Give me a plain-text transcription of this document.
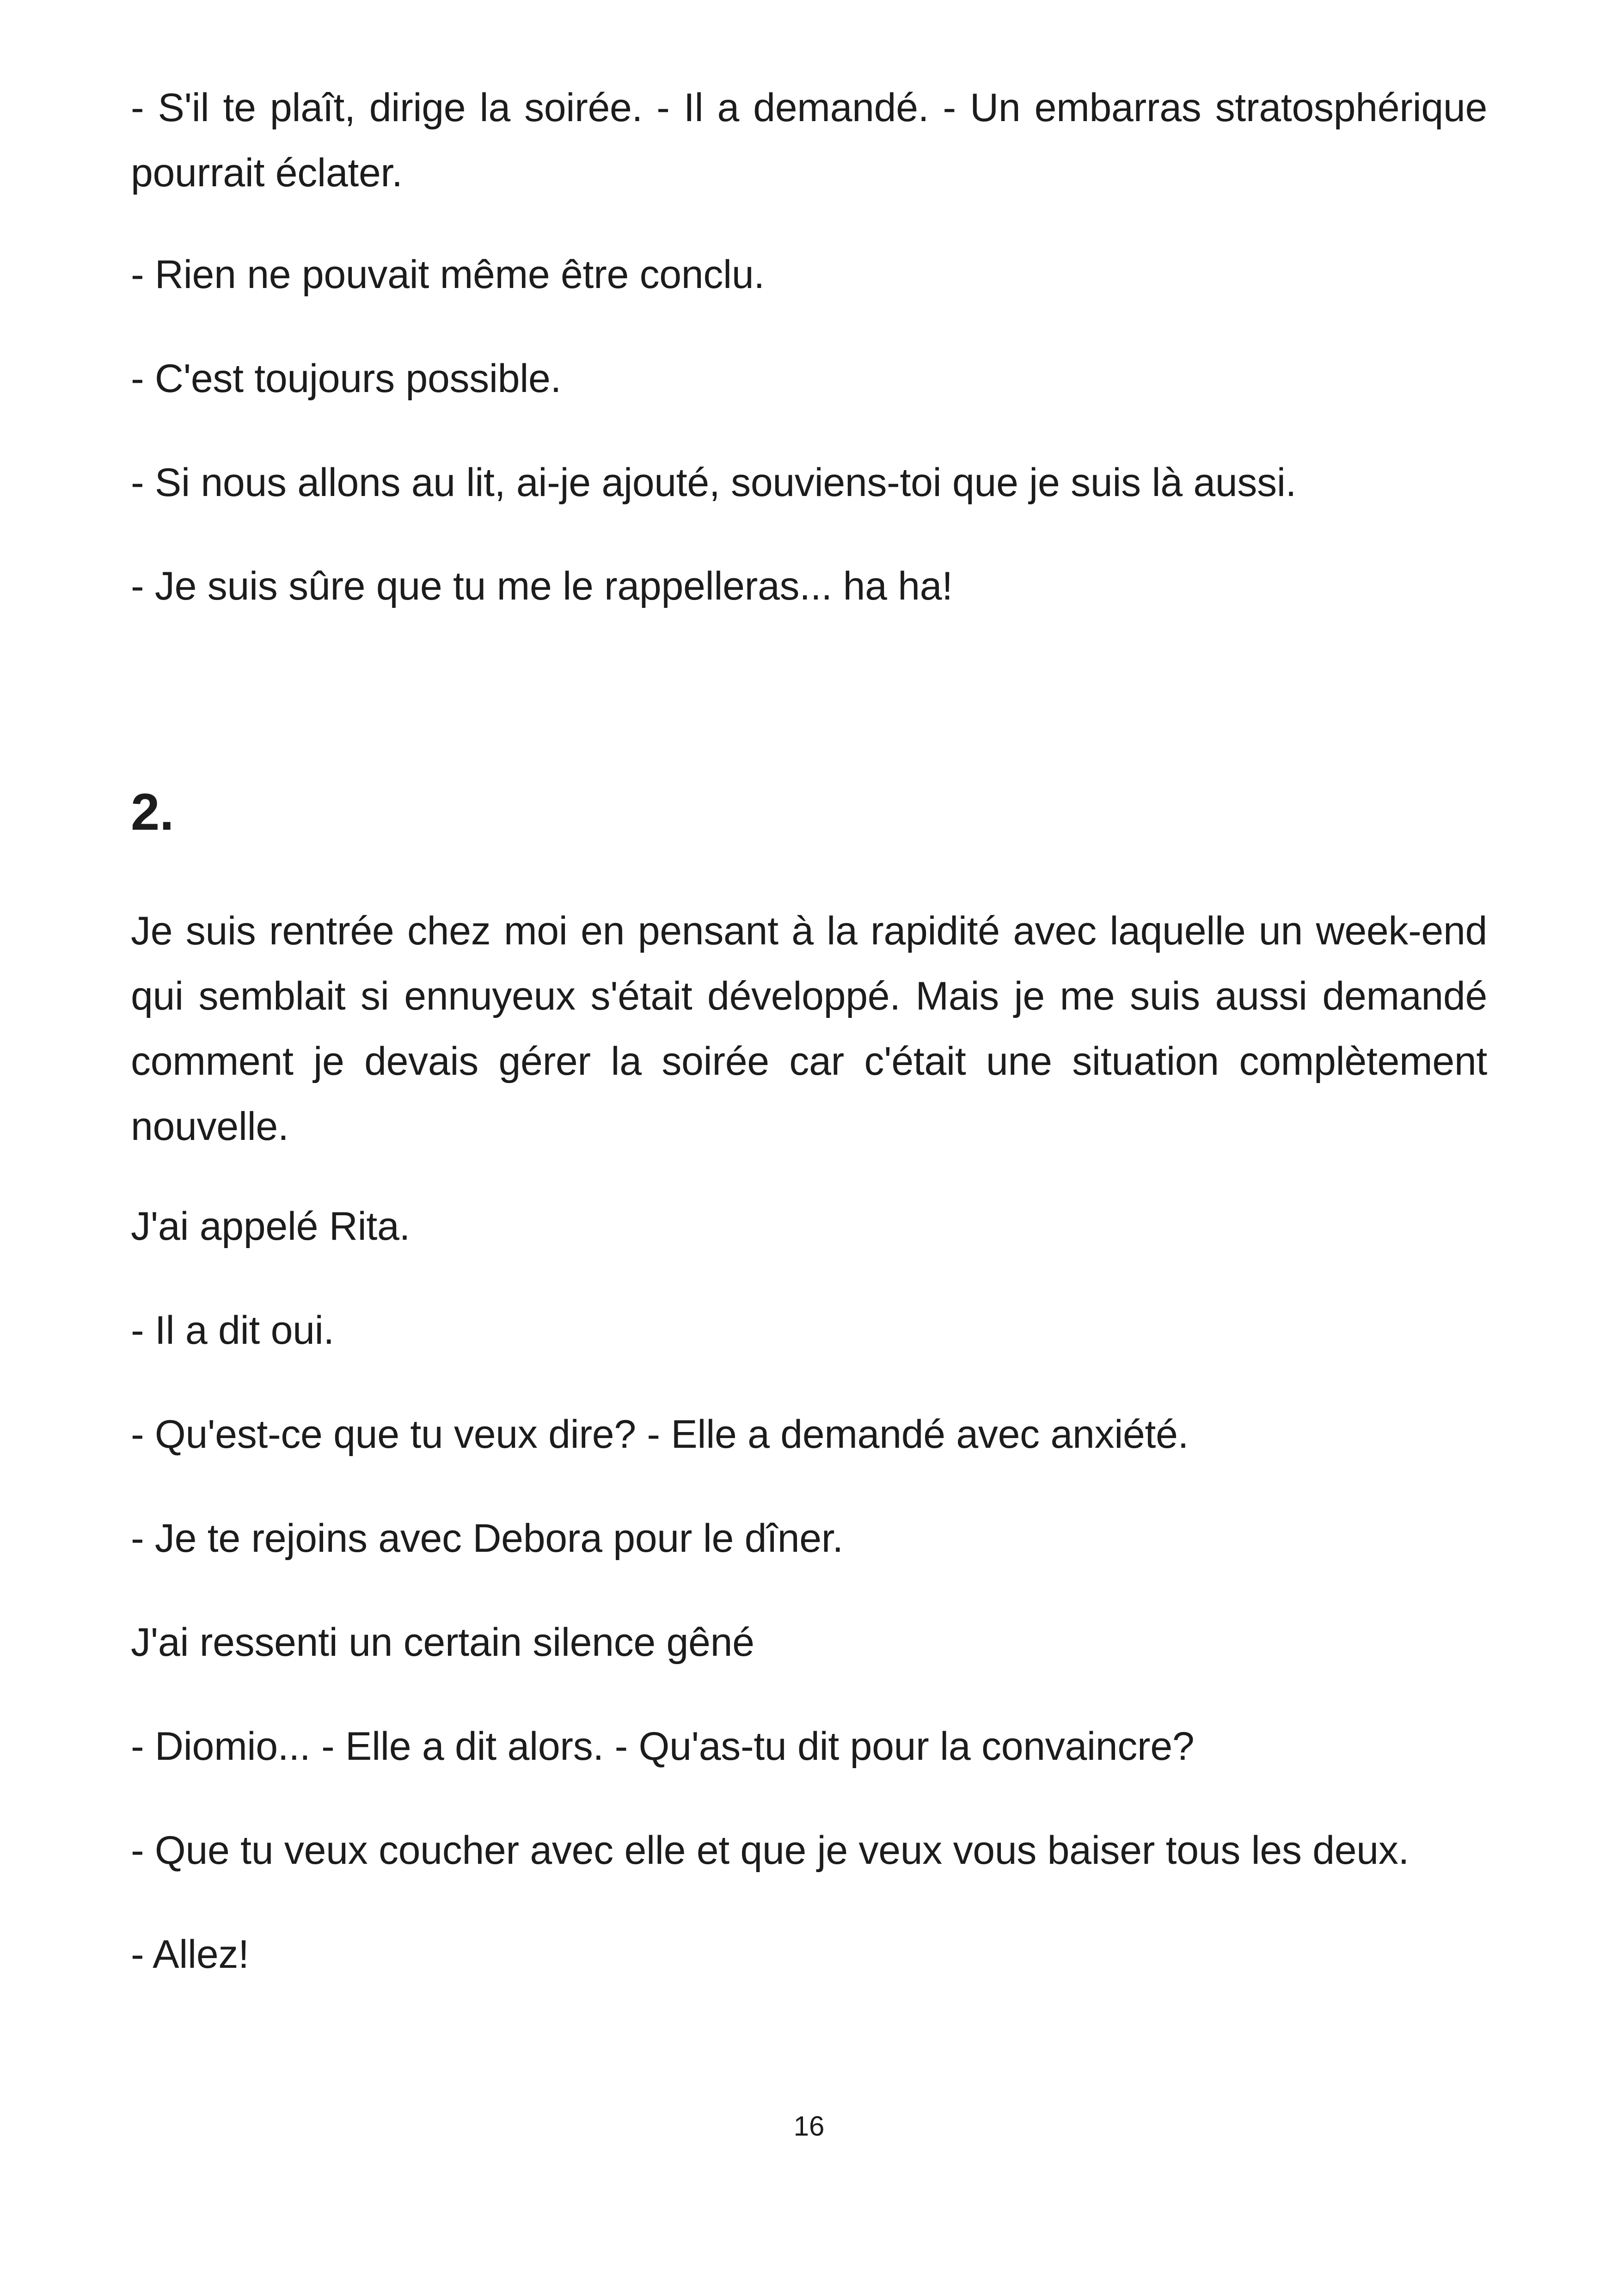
- S'il te plaît, dirige la soirée. - Il a demandé. - Un embarras stratosphérique pourrait éclater.

- Rien ne pouvait même être conclu.

- C'est toujours possible.

- Si nous allons au lit, ai-je ajouté, souviens-toi que je suis là aussi.

- Je suis sûre que tu me le rappelleras... ha ha!

2.

Je suis rentrée chez moi en pensant à la rapidité avec laquelle un week-end qui semblait si ennuyeux s'était développé. Mais je me suis aussi demandé comment je devais gérer la soirée car c'était une situation complètement nouvelle.

J'ai appelé Rita.

- Il a dit oui.

- Qu'est-ce que tu veux dire? - Elle a demandé avec anxiété.

- Je te rejoins avec Debora pour le dîner.

J'ai ressenti un certain silence gêné

- Diomio... - Elle a dit alors. - Qu'as-tu dit pour la convaincre?

- Que tu veux coucher avec elle et que je veux vous baiser tous les deux.

- Allez!

16
